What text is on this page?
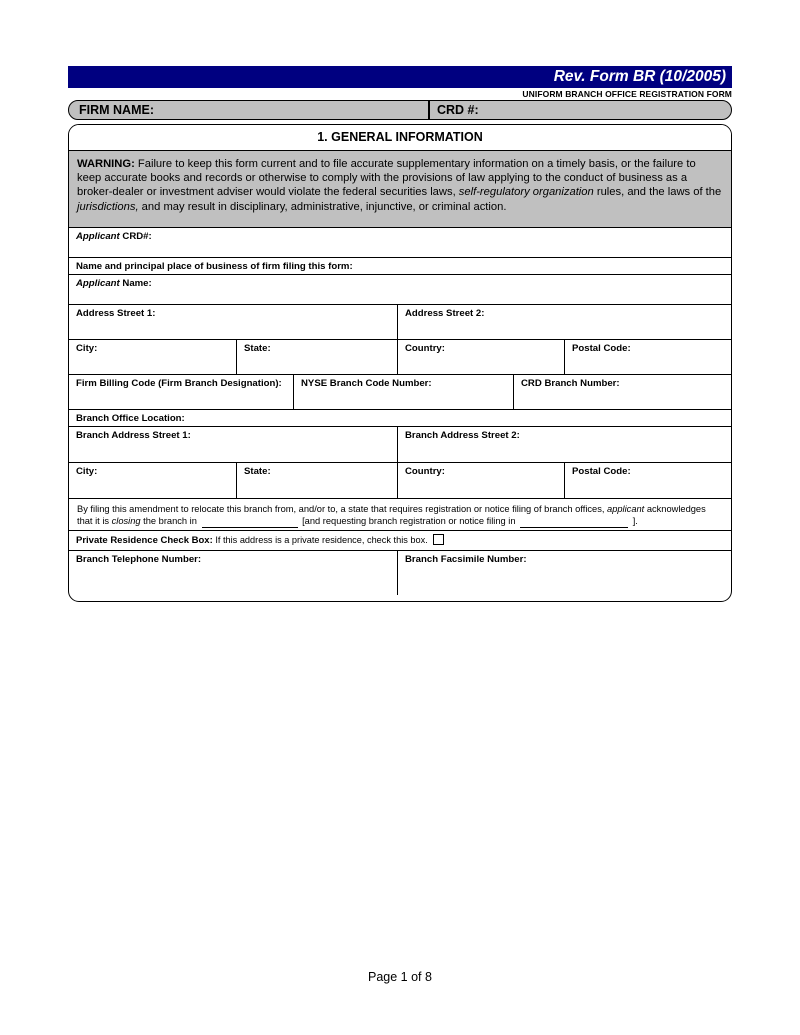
Rev. Form BR (10/2005)
UNIFORM BRANCH OFFICE REGISTRATION FORM
FIRM NAME:	CRD #:
1. GENERAL INFORMATION
WARNING: Failure to keep this form current and to file accurate supplementary information on a timely basis, or the failure to keep accurate books and records or otherwise to comply with the provisions of law applying to the conduct of business as a broker-dealer or investment adviser would violate the federal securities laws, self-regulatory organization rules, and the laws of the jurisdictions, and may result in disciplinary, administrative, injunctive, or criminal action.
Applicant CRD#:
Name and principal place of business of firm filing this form:
Applicant Name:
Address Street 1:	Address Street 2:
City:	State:	Country:	Postal Code:
Firm Billing Code (Firm Branch Designation):	NYSE Branch Code Number:	CRD Branch Number:
Branch Office Location:
Branch Address Street 1:	Branch Address Street 2:
City:	State:	Country:	Postal Code:
By filing this amendment to relocate this branch from, and/or to, a state that requires registration or notice filing of branch offices, applicant acknowledges that it is closing the branch in	[and requesting branch registration or notice filing in	].
Private Residence Check Box: If this address is a private residence, check this box.
Branch Telephone Number:	Branch Facsimile Number:
Page 1 of 8
